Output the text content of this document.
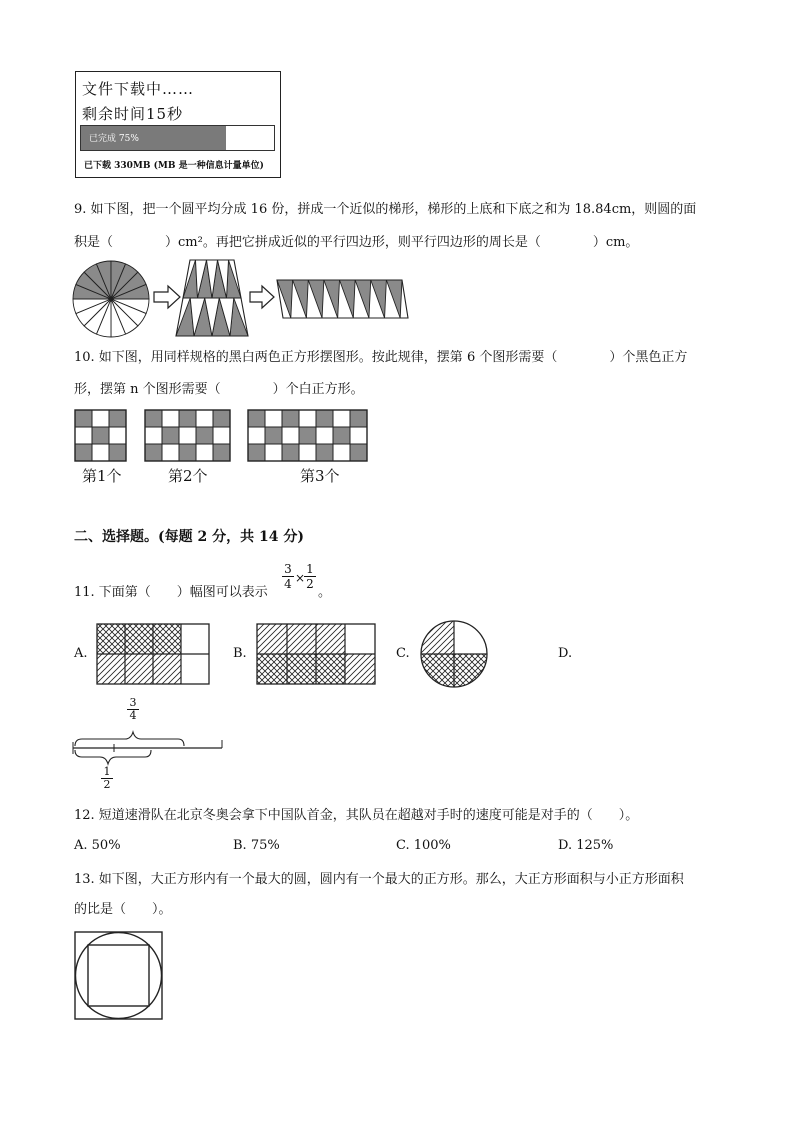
文件下载中……
剩余时间15秒
已完成 75%
已下载 330MB (MB 是一种信息计量单位)
9. 如下图，把一个圆平均分成 16 份，拼成一个近似的梯形，梯形的上底和下底之和为 18.84cm，则圆的面
积是（　　　　）cm²。再把它拼成近似的平行四边形，则平行四边形的周长是（　　　　）cm。
10. 如下图，用同样规格的黑白两色正方形摆图形。按此规律，摆第 6 个图形需要（　　　　）个黑色正方
形，摆第 n 个图形需要（　　　　）个白正方形。
第1个	第2个	第3个
二、选择题。(每题 2 分，共 14 分)
11. 下面第（　　）幅图可以表示
$\frac{3}{4}$ ×
$\frac{1}{2}$
。
A.	B.	C.	D.
$\frac{3}{4}$
$\frac{1}{2}$
12. 短道速滑队在北京冬奥会拿下中国队首金，其队员在超越对手时的速度可能是对手的（　　）。
A. 50%	B. 75%	C. 100%	D. 125%
13. 如下图，大正方形内有一个最大的圆，圆内有一个最大的正方形。那么，大正方形面积与小正方形面积
的比是（　　）。
